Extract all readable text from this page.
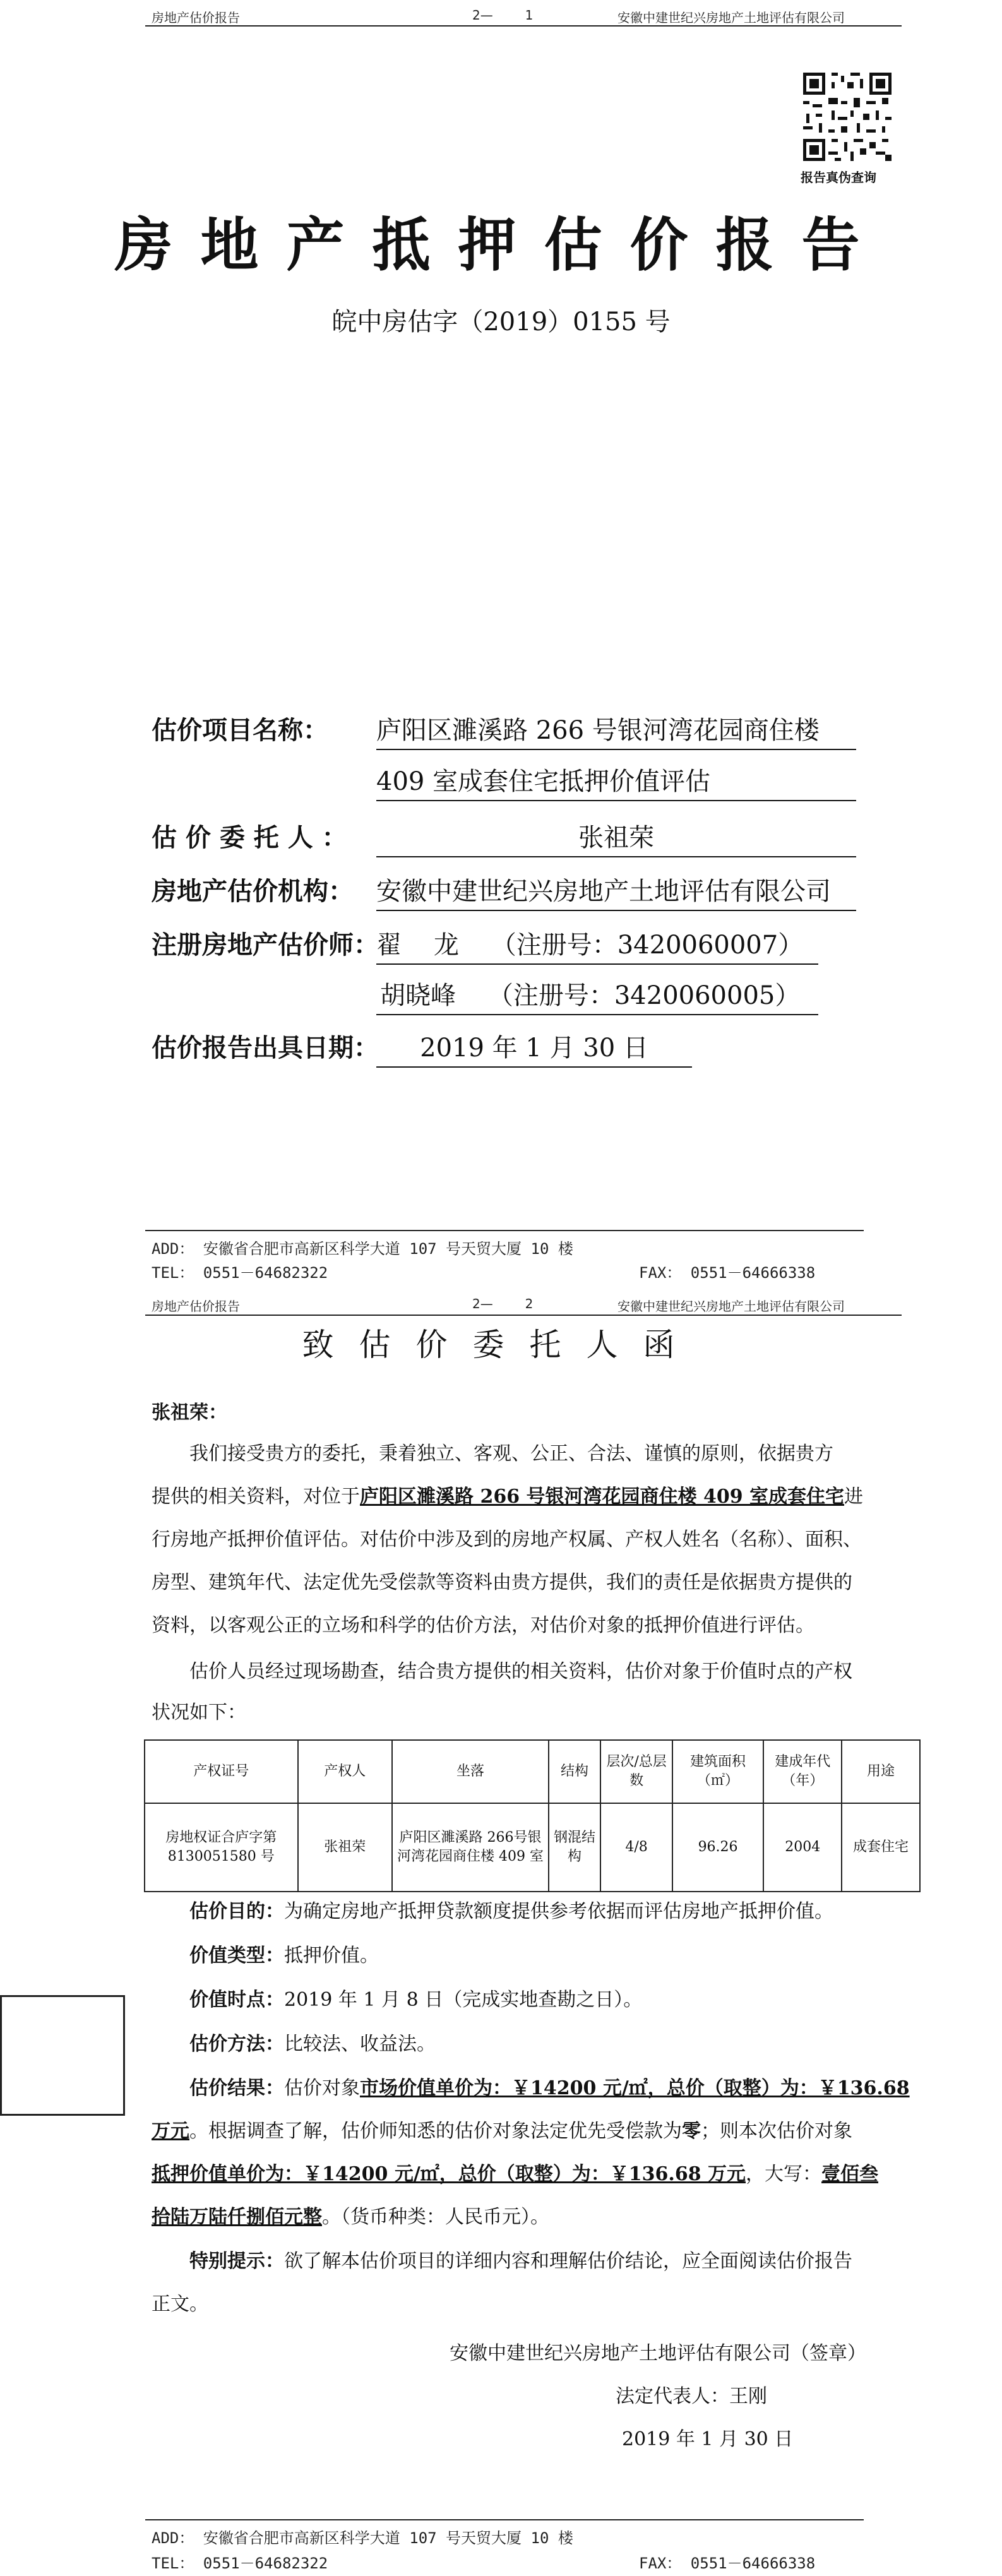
房地产估价报告	2—        1	安徽中建世纪兴房地产土地评估有限公司
报告真伪查询
房地产抵押估价报告
皖中房估字（2019）0155 号
估价项目名称： 庐阳区濉溪路 266 号银河湾花园商住楼
409 室成套住宅抵押价值评估
估 价 委 托 人 ：	张祖荣
房地产估价机构： 安徽中建世纪兴房地产土地评估有限公司
注册房地产估价师：
翟    龙    （注册号：3420060007）
胡晓峰    （注册号：3420060005）
估价报告出具日期：	2019 年 1 月 30 日
ADD： 安徽省合肥市高新区科学大道 107 号天贸大厦 10 楼
TEL： 0551－64682322	FAX： 0551－64666338
房地产估价报告	2—        2	安徽中建世纪兴房地产土地评估有限公司
致估价委托人函
张祖荣：
我们接受贵方的委托，秉着独立、客观、公正、合法、谨慎的原则，依据贵方
提供的相关资料，对位于庐阳区濉溪路 266 号银河湾花园商住楼 409 室成套住宅进
行房地产抵押价值评估。对估价中涉及到的房地产权属、产权人姓名（名称）、面积、
房型、建筑年代、法定优先受偿款等资料由贵方提供，我们的责任是依据贵方提供的
资料，以客观公正的立场和科学的估价方法，对估价对象的抵押价值进行评估。
估价人员经过现场勘查，结合贵方提供的相关资料，估价对象于价值时点的产权
状况如下：
产权证号	产权人	坐落	结构	层次/总层数	建筑面积（㎡）	建成年代（年）	用途
房地权证合庐字第8130051580 号	张祖荣	庐阳区濉溪路 266号银河湾花园商住楼 409 室	钢混结构	4/8	96.26	2004	成套住宅
估价目的：为确定房地产抵押贷款额度提供参考依据而评估房地产抵押价值。
价值类型：抵押价值。
价值时点：2019 年 1 月 8 日（完成实地查勘之日）。
估价方法：比较法、收益法。
估价结果：估价对象市场价值单价为：￥14200 元/㎡，总价（取整）为：￥136.68
万元。根据调查了解，估价师知悉的估价对象法定优先受偿款为零；则本次估价对象
抵押价值单价为：￥14200 元/㎡，总价（取整）为：￥136.68 万元，大写：壹佰叁
拾陆万陆仟捌佰元整。（货币种类：人民币元）。
特别提示：欲了解本估价项目的详细内容和理解估价结论，应全面阅读估价报告
正文。
安徽中建世纪兴房地产土地评估有限公司（签章）
法定代表人：王刚
2019 年 1 月 30 日
ADD： 安徽省合肥市高新区科学大道 107 号天贸大厦 10 楼
TEL： 0551－64682322	FAX： 0551－64666338
